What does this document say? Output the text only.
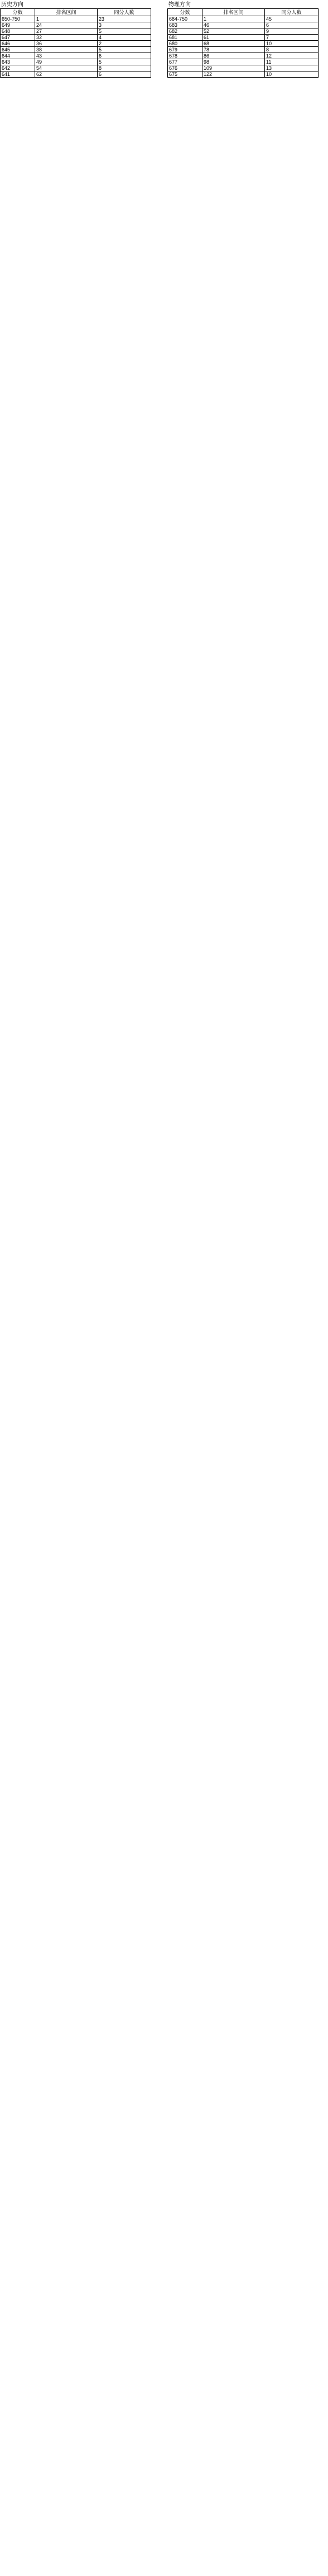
历史方向
分数	排名区间	同分人数
650-750	1	23
649	24	3
648	27	5
647	32	4
646	36	2
645	38	5
644	43	6
643	49	5
642	54	8
641	62	6
物理方向
分数	排名区间	同分人数
684-750	1	45
683	46	6
682	52	9
681	61	7
680	68	10
679	78	8
678	86	12
677	98	11
676	109	13
675	122	10
